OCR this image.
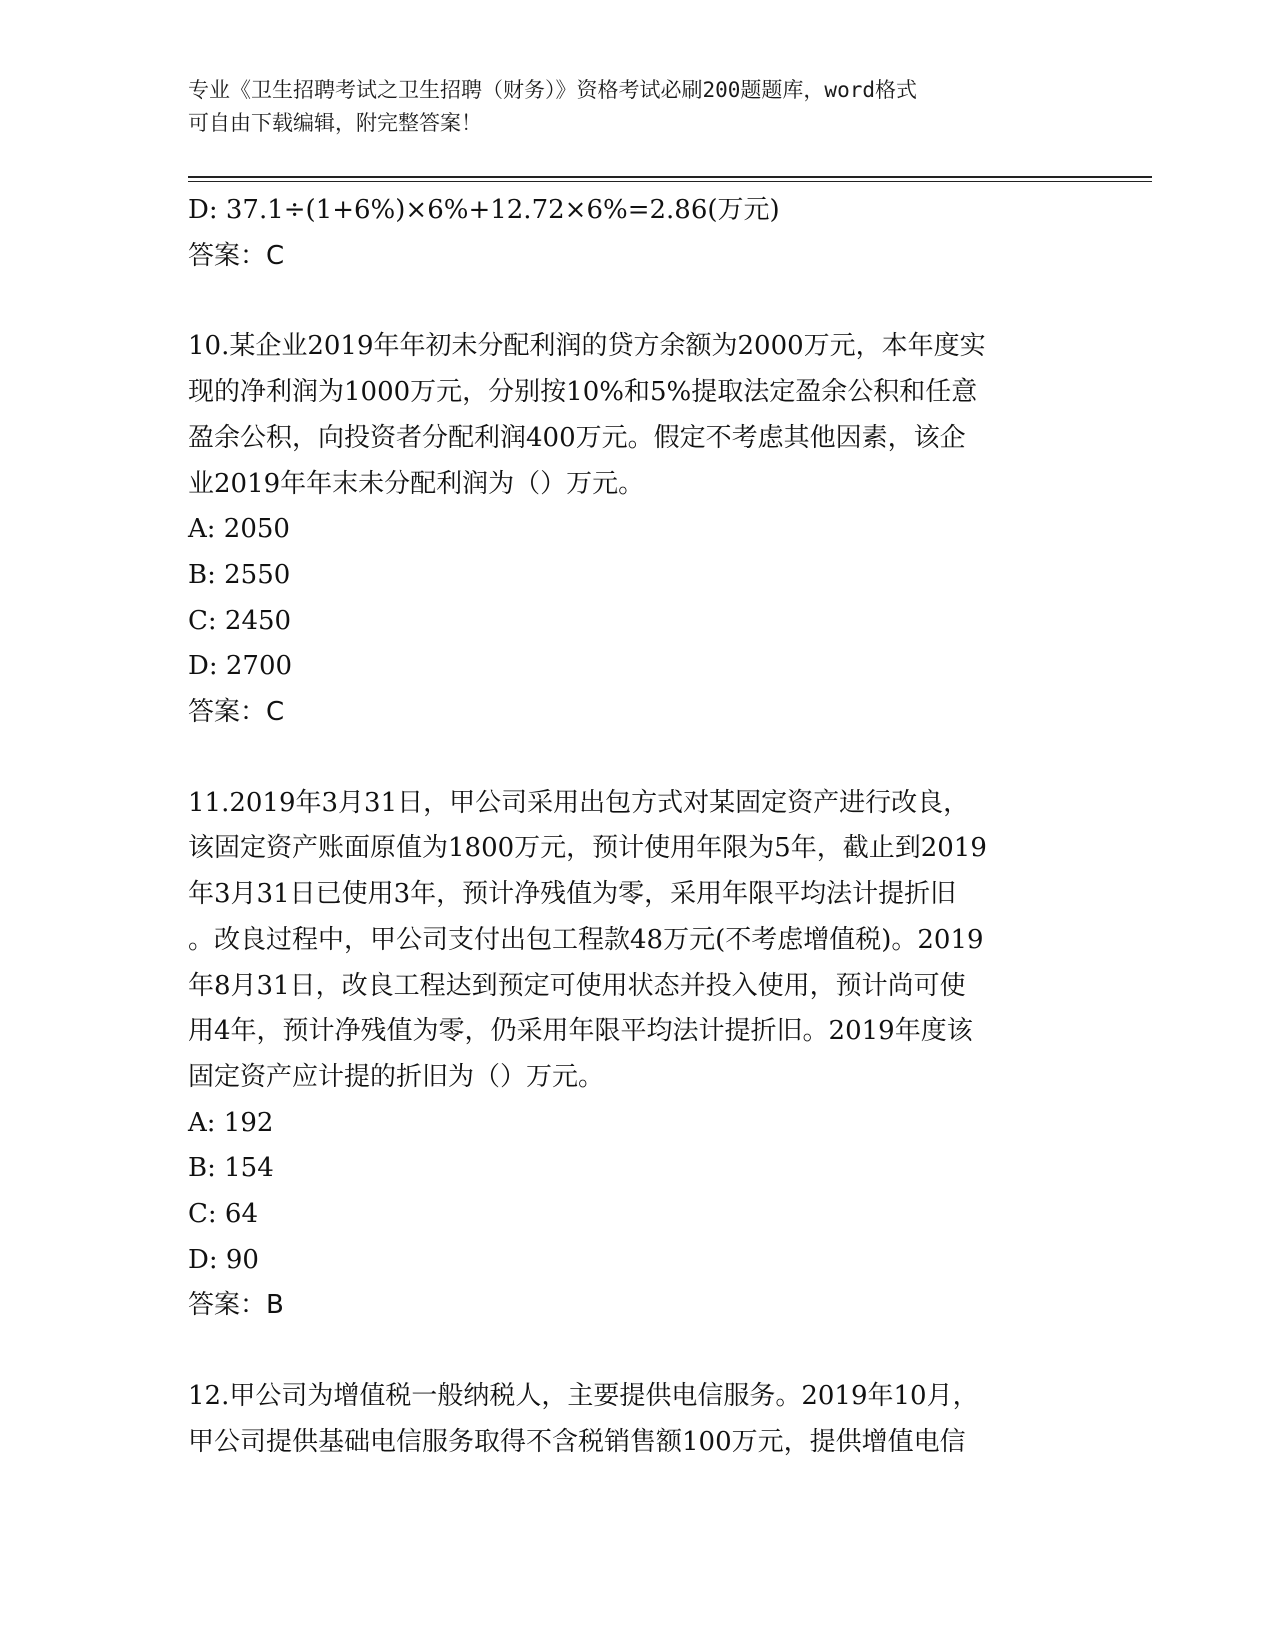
专业《卫生招聘考试之卫生招聘（财务）》资格考试必刷200题题库，word格式
可自由下载编辑，附完整答案！
D: 37.1÷(1+6%)×6%+12.72×6%=2.86(万元)
答案：C
10.某企业2019年年初未分配利润的贷方余额为2000万元，本年度实
现的净利润为1000万元，分别按10%和5%提取法定盈余公积和任意
盈余公积，向投资者分配利润400万元。假定不考虑其他因素，该企
业2019年年末未分配利润为（）万元。
A: 2050
B: 2550
C: 2450
D: 2700
答案：C
11.2019年3月31日，甲公司采用出包方式对某固定资产进行改良，
该固定资产账面原值为1800万元，预计使用年限为5年，截止到2019
年3月31日已使用3年，预计净残值为零，采用年限平均法计提折旧
。改良过程中，甲公司支付出包工程款48万元(不考虑增值税)。2019
年8月31日，改良工程达到预定可使用状态并投入使用，预计尚可使
用4年，预计净残值为零，仍采用年限平均法计提折旧。2019年度该
固定资产应计提的折旧为（）万元。
A: 192
B: 154
C: 64
D: 90
答案：B
12.甲公司为增值税一般纳税人，主要提供电信服务。2019年10月，
甲公司提供基础电信服务取得不含税销售额100万元，提供增值电信
